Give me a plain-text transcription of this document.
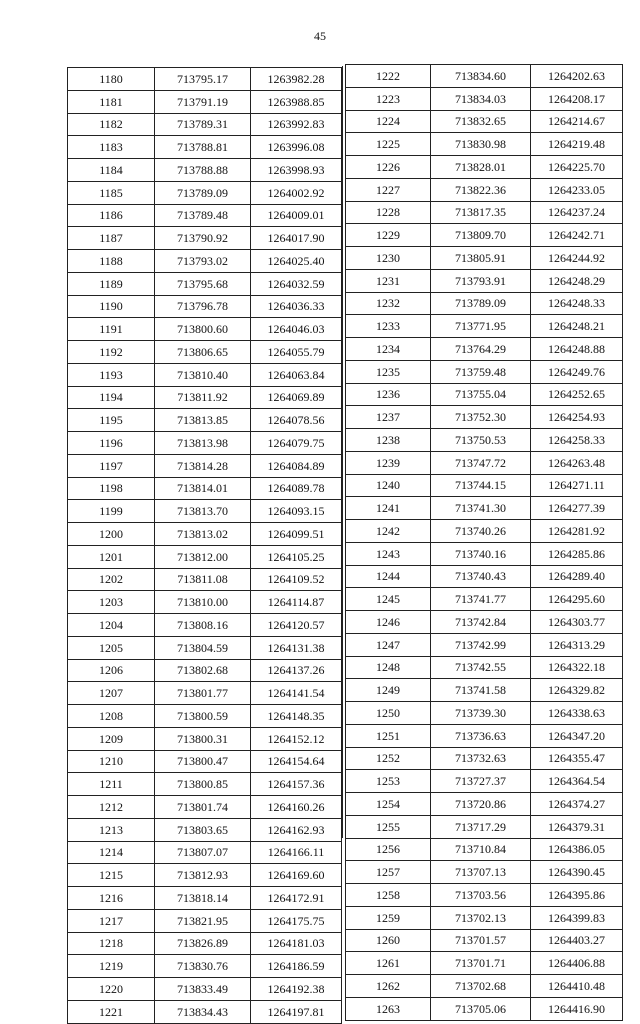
45
1180	713795.17	1263982.28
1181	713791.19	1263988.85
1182	713789.31	1263992.83
1183	713788.81	1263996.08
1184	713788.88	1263998.93
1185	713789.09	1264002.92
1186	713789.48	1264009.01
1187	713790.92	1264017.90
1188	713793.02	1264025.40
1189	713795.68	1264032.59
1190	713796.78	1264036.33
1191	713800.60	1264046.03
1192	713806.65	1264055.79
1193	713810.40	1264063.84
1194	713811.92	1264069.89
1195	713813.85	1264078.56
1196	713813.98	1264079.75
1197	713814.28	1264084.89
1198	713814.01	1264089.78
1199	713813.70	1264093.15
1200	713813.02	1264099.51
1201	713812.00	1264105.25
1202	713811.08	1264109.52
1203	713810.00	1264114.87
1204	713808.16	1264120.57
1205	713804.59	1264131.38
1206	713802.68	1264137.26
1207	713801.77	1264141.54
1208	713800.59	1264148.35
1209	713800.31	1264152.12
1210	713800.47	1264154.64
1211	713800.85	1264157.36
1212	713801.74	1264160.26
1213	713803.65	1264162.93
1214	713807.07	1264166.11
1215	713812.93	1264169.60
1216	713818.14	1264172.91
1217	713821.95	1264175.75
1218	713826.89	1264181.03
1219	713830.76	1264186.59
1220	713833.49	1264192.38
1221	713834.43	1264197.81
1222	713834.60	1264202.63
1223	713834.03	1264208.17
1224	713832.65	1264214.67
1225	713830.98	1264219.48
1226	713828.01	1264225.70
1227	713822.36	1264233.05
1228	713817.35	1264237.24
1229	713809.70	1264242.71
1230	713805.91	1264244.92
1231	713793.91	1264248.29
1232	713789.09	1264248.33
1233	713771.95	1264248.21
1234	713764.29	1264248.88
1235	713759.48	1264249.76
1236	713755.04	1264252.65
1237	713752.30	1264254.93
1238	713750.53	1264258.33
1239	713747.72	1264263.48
1240	713744.15	1264271.11
1241	713741.30	1264277.39
1242	713740.26	1264281.92
1243	713740.16	1264285.86
1244	713740.43	1264289.40
1245	713741.77	1264295.60
1246	713742.84	1264303.77
1247	713742.99	1264313.29
1248	713742.55	1264322.18
1249	713741.58	1264329.82
1250	713739.30	1264338.63
1251	713736.63	1264347.20
1252	713732.63	1264355.47
1253	713727.37	1264364.54
1254	713720.86	1264374.27
1255	713717.29	1264379.31
1256	713710.84	1264386.05
1257	713707.13	1264390.45
1258	713703.56	1264395.86
1259	713702.13	1264399.83
1260	713701.57	1264403.27
1261	713701.71	1264406.88
1262	713702.68	1264410.48
1263	713705.06	1264416.90
